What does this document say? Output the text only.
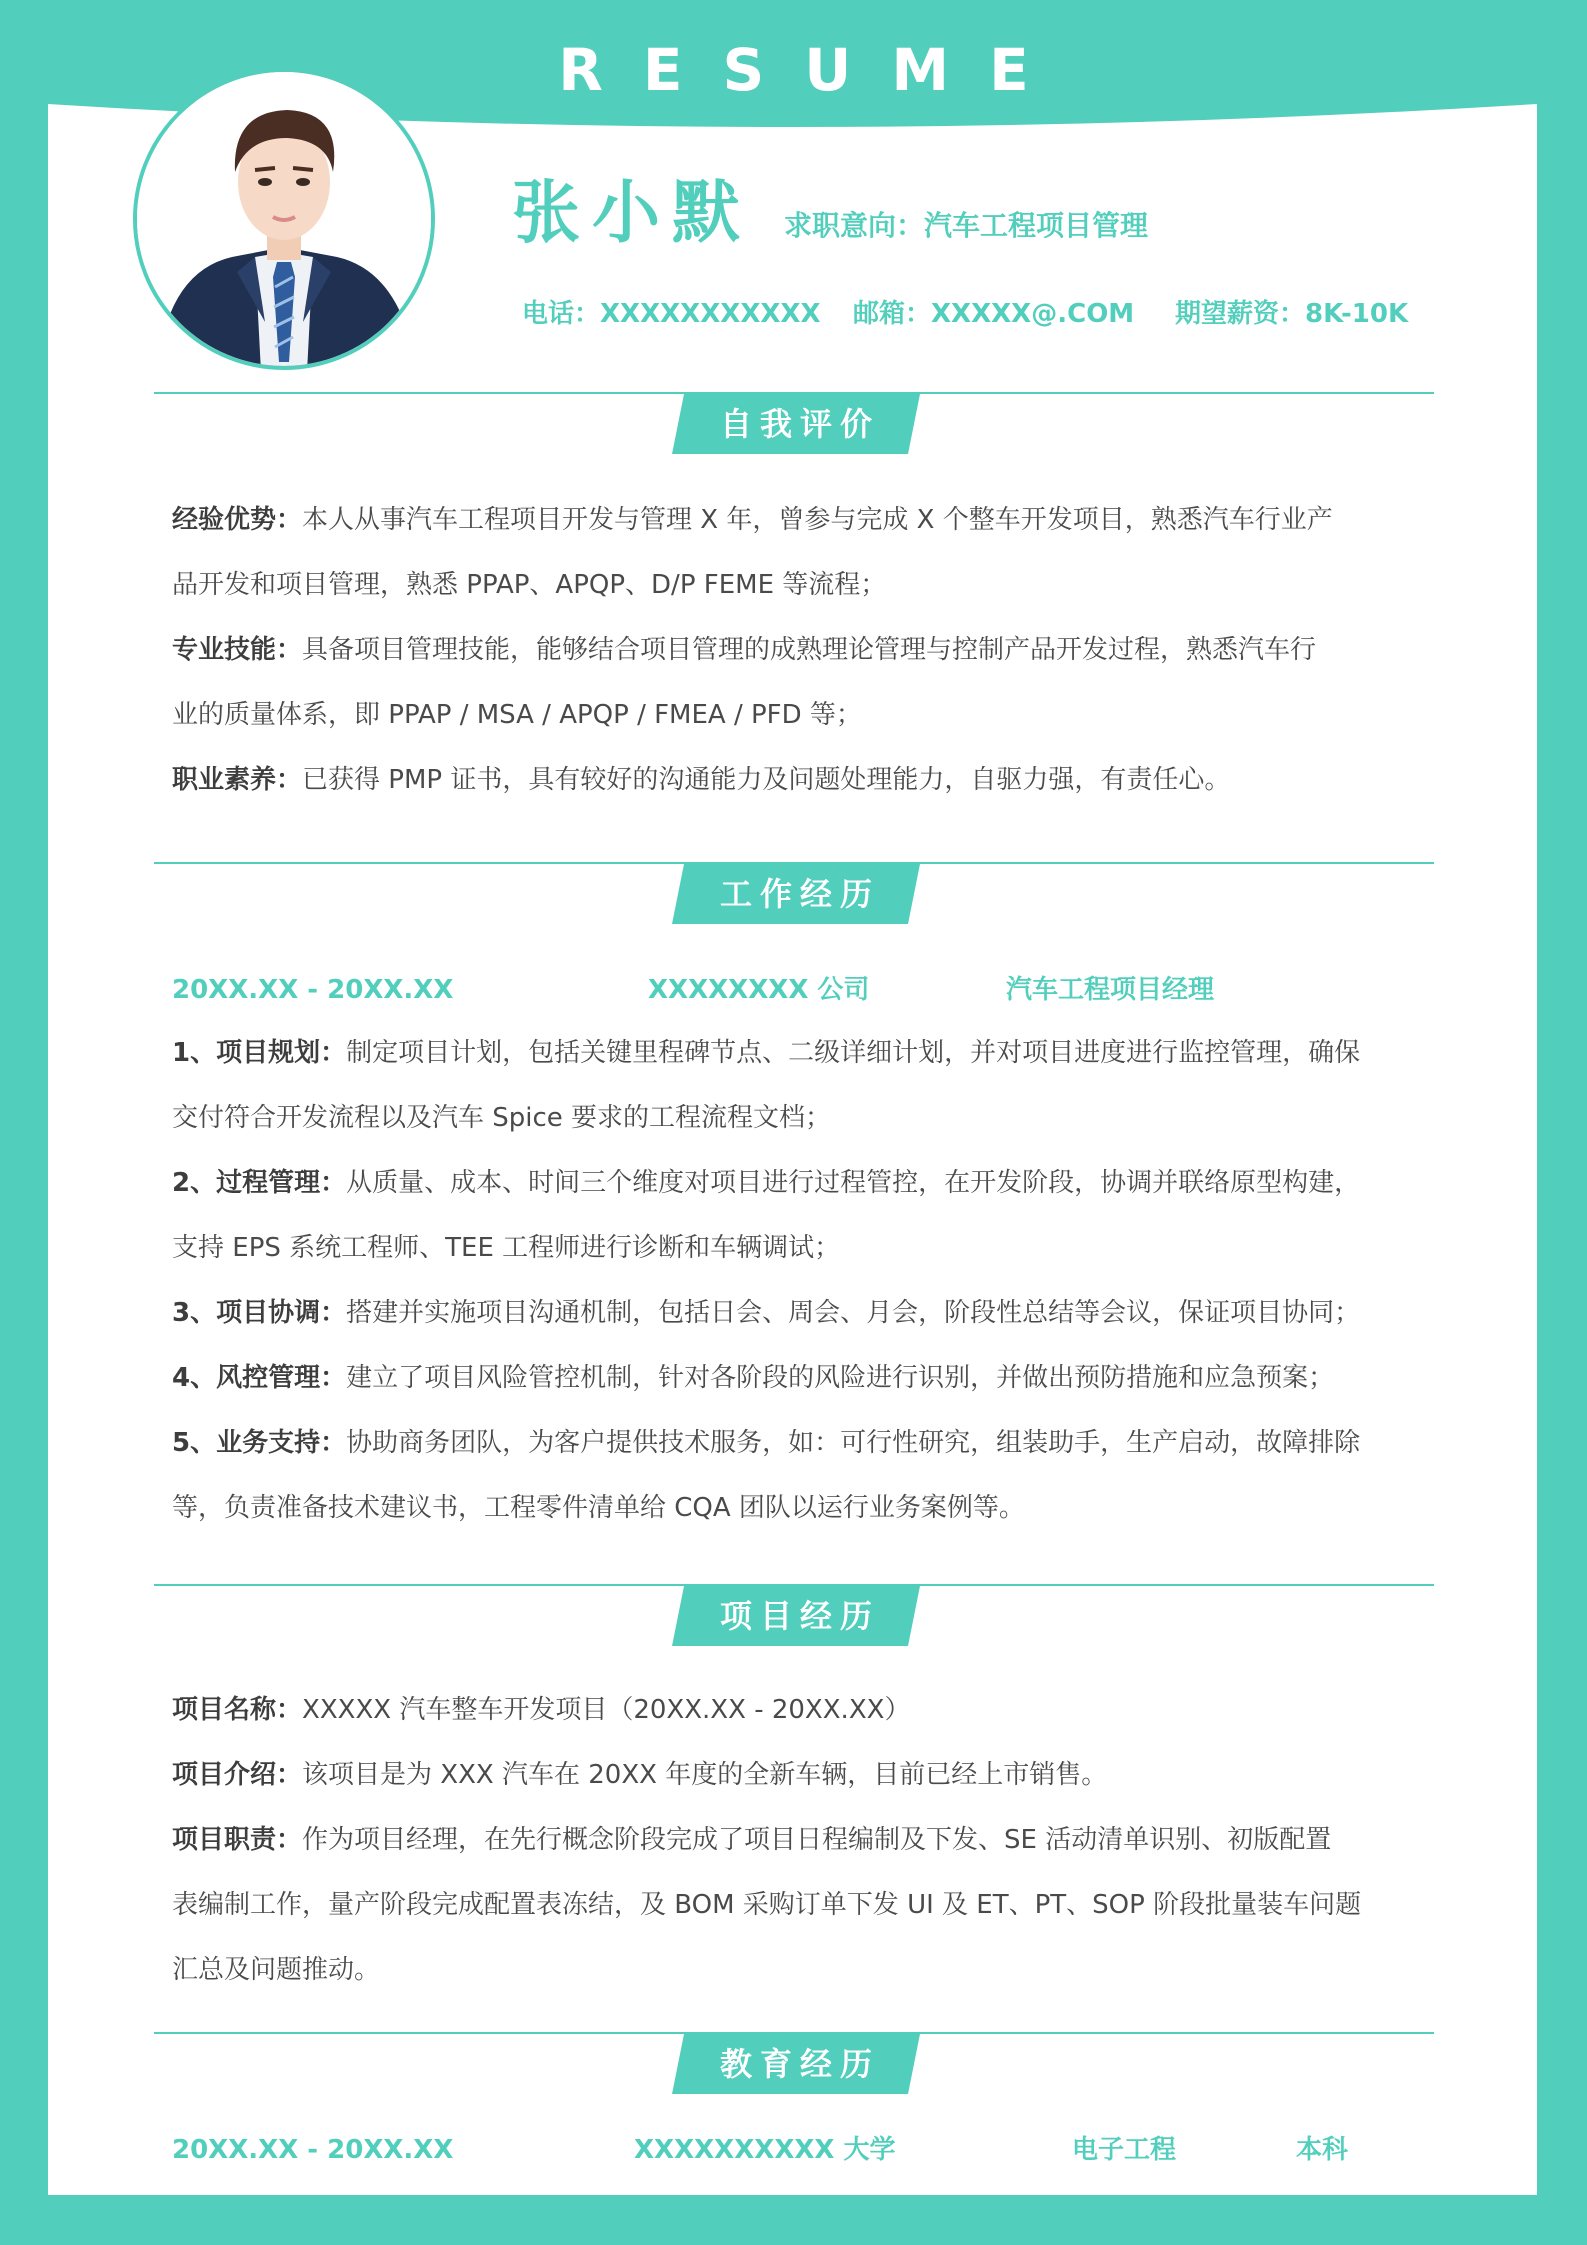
RESUME
张小默 求职意向：汽车工程项目管理
电话：XXXXXXXXXXX 邮箱：XXXXX@.COM 期望薪资：8K-10K
自我评价
经验优势：本人从事汽车工程项目开发与管理 X 年，曾参与完成 X 个整车开发项目，熟悉汽车行业产
品开发和项目管理，熟悉 PPAP、APQP、D/P FEME 等流程；
专业技能：具备项目管理技能，能够结合项目管理的成熟理论管理与控制产品开发过程，熟悉汽车行
业的质量体系，即 PPAP / MSA / APQP / FMEA / PFD 等；
职业素养：已获得 PMP 证书，具有较好的沟通能力及问题处理能力，自驱力强，有责任心。
工作经历
20XX.XX - 20XX.XX	XXXXXXXX 公司	汽车工程项目经理
1、项目规划：制定项目计划，包括关键里程碑节点、二级详细计划，并对项目进度进行监控管理，确保
交付符合开发流程以及汽车 Spice 要求的工程流程文档；
2、过程管理：从质量、成本、时间三个维度对项目进行过程管控，在开发阶段，协调并联络原型构建，
支持 EPS 系统工程师、TEE 工程师进行诊断和车辆调试；
3、项目协调：搭建并实施项目沟通机制，包括日会、周会、月会，阶段性总结等会议，保证项目协同；
4、风控管理：建立了项目风险管控机制，针对各阶段的风险进行识别，并做出预防措施和应急预案；
5、业务支持：协助商务团队，为客户提供技术服务，如：可行性研究，组装助手，生产启动，故障排除
等，负责准备技术建议书，工程零件清单给 CQA 团队以运行业务案例等。
项目经历
项目名称：XXXXX 汽车整车开发项目（20XX.XX - 20XX.XX）
项目介绍：该项目是为 XXX 汽车在 20XX 年度的全新车辆，目前已经上市销售。
项目职责：作为项目经理，在先行概念阶段完成了项目日程编制及下发、SE 活动清单识别、初版配置
表编制工作，量产阶段完成配置表冻结，及 BOM 采购订单下发 UI 及 ET、PT、SOP 阶段批量装车问题
汇总及问题推动。
教育经历
20XX.XX - 20XX.XX	XXXXXXXXXX 大学	电子工程	本科
